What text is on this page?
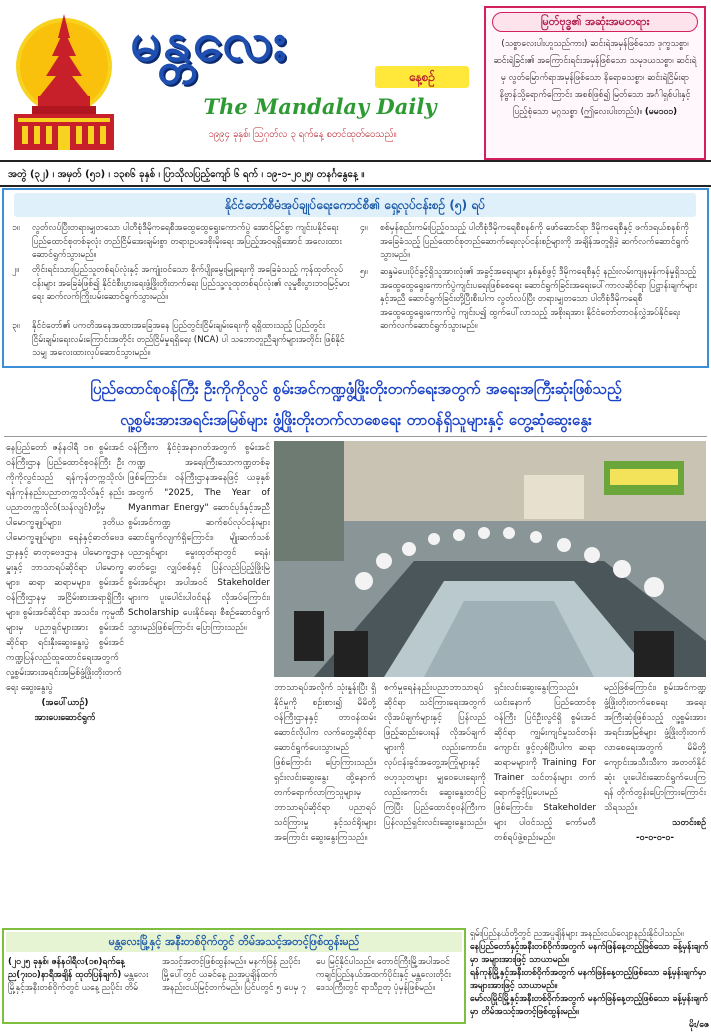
မန္တလေး
နေ့စဉ်
The Mandalay Daily
၁၉၉၄ ခုနှစ်၊ ဩဂုတ်လ ၃ ရက်နေ့ စတင်ထုတ်ဝေသည်။
မြတ်ဗုဒ္ဓ၏ အဆုံးအမတရား
(သစ္စာလေးပါးဟူသည်ကား) ဆင်းရဲအမှန်ဖြစ်သော ဒုက္ခသစ္စာ၊ ဆင်းရဲခြင်း၏ အကြောင်းရင်းအမှန်ဖြစ်သော သမုဒယသစ္စာ၊ ဆင်းရဲမှ လွတ်မြောက်ရာအမှန်ဖြစ်သော နိရောဓသစ္စာ၊ ဆင်းရဲငြိမ်းရာ နိဗ္ဗာန်သို့ရောက်ကြောင်း အစစ်ဖြစ်၍ မြတ်သော အင်္ဂါရှစ်ပါးနှင့် ပြည့်စုံသော မဂ္ဂသစ္စာ (ဤလေးပါးတည်း)။ (မမ၁၀၁)
အတွဲ (၃၂) ၊ အမှတ် (၅၁) ၊ ၁၃၈၆ ခုနှစ် ၊ ပြာသိုလပြည့်ကျော် ၆ ရက် ၊ ၁၉-၁-၂၀၂၅၊ တနင်္ဂနွေနေ့ ။
နိုင်ငံတော်စီမံအုပ်ချုပ်ရေးကောင်စီ၏ ရှေ့လုပ်ငန်းစဉ် (၅) ရပ်
၁။	လွတ်လပ်ပြီးတရားမျှတသော ပါတီစုံဒီမိုကရေစီအထွေထွေရွေးကောက်ပွဲ အောင်မြင်စွာ ကျင်းပနိုင်ရေး ပြည်ထောင်စုတစ်ခုလုံး တည်ငြိမ်အေးချမ်းစွာ တရားဥပဒေစိုးမိုးရေး အပြည့်အဝရရှိအောင် အလေးထားဆောင်ရွက်သွားမည်။
၂။	တိုင်းရင်းသားပြည်သူတစ်ရပ်လုံးနှင့် အကျုံးဝင်သော စိုက်ပျိုးမွေးမြူရေးကို အခြေခံသည့် ကုန်ထုတ်လုပ်ငန်းများ အခြေခံဖြစ်၍ နိုင်ငံစီးပွားရေးဖွံ့ဖြိုးတိုးတက်ရေး ပြည်သူ့လူထုတစ်ရပ်လုံး၏ လူမှုစီးပွားဘဝမြင့်မားရေး ဆက်လက်ကြိုးပမ်းဆောင်ရွက်သွားမည်။
၃။	နိုင်ငံတော်၏ ပကတိအနေအထားအခြေအနေ ပြည်တွင်းငြိမ်းချမ်းရေးကို ရရှိထားသည့် ပြည်တွင်းငြိမ်းချမ်းရေးလမ်းကြောင်းအတိုင်း တည်ငြိမ်မှုရရှိရေး (NCA) ပါ သဘောတူညီချက်များအတိုင်း ဖြစ်နိုင်သမျှ အလေးထားလုပ်ဆောင်သွားမည်။
၄။	စစ်မှန်စည်းကမ်းပြည့်ဝသည့် ပါတီစုံဒီမိုကရေစီစနစ်ကို ဖော်ဆောင်ရာ ဒီမိုကရေစီနှင့် ဖက်ဒရယ်စနစ်ကိုအခြေခံသည့် ပြည်ထောင်စုတည်ဆောက်ရေးလုပ်ငန်းစဉ်များကို အချိန်အတူရှိခဲ့ ဆက်လက်ဆောင်ရွက်သွားမည်။
၅။	ဆန္ဒမဲပေးပိုင်ခွင့်ရှိသူအားလုံး၏ အခွင့်အရေးများ နှစ်နှစ်ဖွင့် ဒီမိုကရေစီနှင့် နည်းလမ်းကျနမှန်ကန်မှုရှိသည့် အထွေထွေရွေးကောက်ပွဲကျင်းပရေးဖြစ်စေရေး ဆောင်ရွက်ခြင်းအရေးပေါ်ကာလဆိုင်ရာ ပြဋ္ဌာန်းချက်များနှင့်အညီ ဆောင်ရွက်ခြင်းတို့ပြီးစီးပါက လွတ်လပ်ပြီး တရားမျှတသော ပါတီစုံဒီမိုကရေစီအထွေထွေရွေးကောက်ပွဲ ကျင်းပ၍ ထွက်ပေါ်လာသည့် အစိုးရအား နိုင်ငံတော်တာဝန်လွှဲအပ်နိုင်ရေး ဆက်လက်ဆောင်ရွက်သွားမည်။
ပြည်ထောင်စုဝန်ကြီး ဦးကိုကိုလွင် စွမ်းအင်ကဏ္ဍဖွံ့ဖြိုးတိုးတက်ရေးအတွက် အရေးအကြီးဆုံးဖြစ်သည့်
လူ့စွမ်းအားအရင်းအမြစ်များ ဖွံ့ဖြိုးတိုးတက်လာစေရေး တာဝန်ရှိသူများနှင့် တွေ့ဆုံဆွေးနွေး
နေပြည်တော် ဇန်နဝါရီ ၁၈ စွမ်းအင်ဝန်ကြီးဌာန ပြည်ထောင်စုဝန်ကြီး ဦးကိုကိုလွင်သည် ရန်ကုန်တက္ကသိုလ်၊ ရန်ကုန်နည်းပညာတက္ကသိုလ်နှင့် နည်းပညာတက္ကသိုလ်(သန်လျင်)တို့မှ ပါမောက္ခချုပ်များ၊ ဒုတိယပါမောက္ခချုပ်များ၊ ရေနံနှင့်ဓာတ်ဗေဒဌာနနှင့် ဓာတုဗေဒဌာန ပါမောက္ခဌာနမှူးနှင့် ဘာသာရပ်ဆိုင်ရာ ပါမောက္ခများ၊ ဆရာ ဆရာမများ၊ စွမ်းအင်ဝန်ကြီးဌာနမှ အငြိမ်းစားအရာရှိကြီးများ၊ စွမ်းအင်ဆိုင်ရာ အသင်း၊ ကုမ္ပဏီများမှ ပညာရှင်များအား စွမ်းအင်ဆိုင်ရာ ရင်းနှီးဆွေးနွေးပွဲ စွမ်းအင်ကဏ္ဍပြန်လည်ထူထောင်ရေးအတွက် လူ့စွမ်းအားအရင်းအမြစ်ဖွံ့ဖြိုးတိုးတက်ရေး ဆွေးနွေးပွဲ
(အပေါ်ယာဉ်)
အားပေးဆောင်ရွက်
ဝန်ကြီးက နိုင်ငံ့အနာဂတ်အတွက် စွမ်းအင်ကဏ္ဍ အရေးကြီးသောကဏ္ဍတစ်ခုဖြစ်ကြောင်း၊ ဝန်ကြီးဌာနအနေဖြင့် ယခုနှစ်အတွက် "2025, The Year of Myanmar Energy" ဆောင်ပုဒ်နှင့်အညီ စွမ်းအင်ကဏ္ဍ ဆက်စပ်လုပ်ငန်းများ ဆောင်ရွက်လျက်ရှိကြောင်း၊ မျိုးဆက်သစ်ပညာရှင်များ မွေးထုတ်ရာတွင် ရေနံ၊ ဓာတ်ငွေ့၊ လျှပ်စစ်နှင့် ပြန်လည်ပြည့်ဖြိုးမြဲစွမ်းအင်များ အပါအဝင် Stakeholder များက ပူးပေါင်းပါဝင်ရန် လိုအပ်ကြောင်း၊ Scholarship ပေးနိုင်ရေး စီစဉ်ဆောင်ရွက်သွားမည်ဖြစ်ကြောင်း ပြောကြားသည်။
ဘာသာရပ်အလိုက် သုံးနှုန်းပြီး ရှိနိုင်မှုကို စဉ်းစား၍ မိမိတို့ဝန်ကြီးဌာနနှင့် တာဝန်ထမ်းဆောင်လိုပါက လက်တွေ့ဆိုင်ရာ ဆောင်ရွက်ပေးသွားမည်ဖြစ်ကြောင်း ပြောကြားသည်။ ရှင်းလင်းဆွေးနွေး ထို့နောက် တက်ရောက်လာကြသူများမှ ဘာသာရပ်ဆိုင်ရာ ပညာရပ်သင်ကြားမှု နှင့်သင်ရိုးများ အကြောင်း ဆွေးနွေးကြသည်။
စက်မှုရေနံနည်းပညာဘာသာရပ်ဆိုင်ရာ သင်ကြားရေးအတွက် လိုအပ်ချက်များနှင့် ပြန်လည်ဖြည့်ဆည်းပေးရန် လိုအပ်ချက်များကို လည်းကောင်း၊ လုပ်ငန်းခွင်အတွေ့အကြုံများနှင့် ဗဟုသုတများ မျှဝေပေးရေးကိုလည်းကောင်း ဆွေးနွေးတင်ပြကြပြီး ပြည်ထောင်စုဝန်ကြီးက ပြန်လည်ရှင်းလင်းဆွေးနွေးသည်။
ရှင်းလင်းဆွေးနွေးကြသည်။ ယင်းနောက် ပြည်ထောင်စုဝန်ကြီး ပြင်ဦးလွင်ရှိ စွမ်းအင်ဆိုင်ရာ ကျွမ်းကျင်မှုသင်တန်းကျောင်း ဖွင့်လှစ်ပြီးပါက ဆရာ ဆရာမများကို Training For Trainer သင်တန်းများ တက်ရောက်ခွင့်ပြုပေးမည်ဖြစ်ကြောင်း၊ Stakeholder များ ပါဝင်သည့် ကော်မတီတစ်ရပ်ဖွဲ့စည်းမည်။
မည်ဖြစ်ကြောင်း၊ စွမ်းအင်ကဏ္ဍ ဖွံ့ဖြိုးတိုးတက်စေရေး အရေးအကြီးဆုံးဖြစ်သည့် လူ့စွမ်းအားအရင်းအမြစ်များ ဖွံ့ဖြိုးတိုးတက်လာစေရေးအတွက် မိမိတို့ကျောင်းအသီးသီးက အတတ်နိုင်ဆုံး ပူးပေါင်းဆောင်ရွက်ပေးကြရန် တိုက်တွန်းပြောကြားကြောင်း သိရသည်။
သတင်းစဉ်
-၀-၀-၀-၀-
မန္တလေးမြို့နှင့် အနီးတစ်ဝိုက်တွင် တိမ်အသင့်အတင့်ဖြစ်ထွန်းမည်
(၂၀၂၅ ခုနှစ်၊ ဇန်နဝါရီလ(၁၈)ရက်နေ့ ည(၇း၀၀)နာရီအချိန် ထုတ်ပြန်ချက်) မန္တလေးမြို့နှင့်အနီးတစ်ဝိုက်တွင် ယနေ့ ညပိုင်း တိမ်အသင့်အတင့်ဖြစ်ထွန်းမည်။ မနက်ဖြန် ညပိုင်း မြို့ပေါ်တွင် ယခင်နေ့ ညအပူချိန်ထက် အနည်းငယ်မြင့်တက်မည်။ ပြင်ပတွင် ၅ ပေမှ ၇ ပေ မြင့်နိုင်ပါသည်။ တောင်ကြီးမြို့အပါအဝင် ကချင်ပြည်နယ်အထက်ပိုင်းနှင့် မန္တလေးတိုင်းဒေသကြီးတွင် ရာသီဥတု ပုံမှန်ဖြစ်မည်။
ရှမ်းပြည်နယ်တို့တွင် ညအပူချိန်များ အနည်းငယ်လျော့နည်းနိုင်ပါသည်။
နေပြည်တော်နှင့်အနီးတစ်ဝိုက်အတွက် မနက်ဖြန်နေ့တည့်ဖြစ်သော ခန့်မှန်းချက်မှာ အများအားဖြင့် သာယာမည်။
ရန်ကုန်မြို့နှင့်အနီးတစ်ဝိုက်အတွက် မနက်ဖြန်နေ့တည့်ဖြစ်သော ခန့်မှန်းချက်မှာ အများအားဖြင့် သာယာမည်။
မော်လမြိုင်မြို့နှင့်အနီးတစ်ဝိုက်အတွက် မနက်ဖြန်နေ့တည့်ဖြစ်သော ခန့်မှန်းချက်မှာ တိမ်အသင့်အတင့်ဖြစ်ထွန်းမည်။
မိုး/ဇေ
